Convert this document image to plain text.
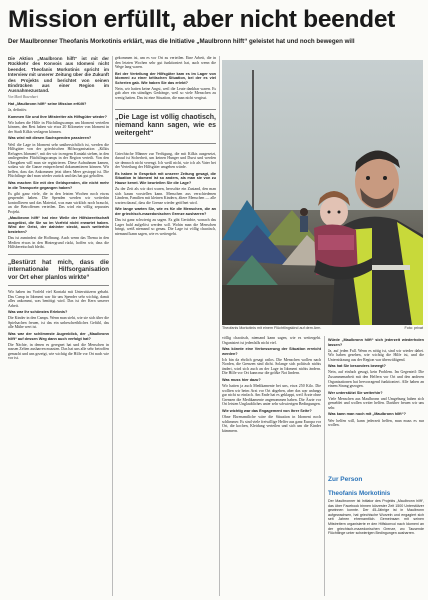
Mission erfüllt, aber nicht beendet
Der Maulbronner Theofanis Morkotinis erklärt, was die Initiative „Maulbronn hilft“ geleistet hat und noch bewegen will

Die Aktion „Maulbronn hilft“ ist mit der Rückkehr des Konvois aus Idomeni nicht beendet. Theofanis Morkotinis spricht im Interview mit unserer Zeitung über die Zukunft des Projekts und berichtet von seinen Eindrücken aus einer Region im Ausnahmezustand.

Von Mark Busenhart

Hat „Maulbronn hilft“ seine Mission erfüllt?

Ja, definitiv.

Kommen Sie und Ihre Mitstreiter als Hilfsgüter wieder?

Wir haben die Hilfe in Flüchtlingscamps am Idomeni verteilen können, den Rest haben wir etwa 20 Kilometer von Idomeni in der Stadt Kilkis verlagern können.

Was wird mit diesen Sachspenden passieren?

Weil die Lage in Idomeni sehr unübersichtlich ist, werden die Hilfsgüter von der griechischen Hilfsorganisation „Kilkis Refugees Idomeni“, mit der wir in engem Kontakt stehen, in den umliegenden Flüchtlingscamps in der Region verteilt. Von den Übergaben will man sie registrieren. Diese Aufnahmen kamen, sodass wir die Ganze entsprechend dokumentieren können. Wir helfen, dass das Ankommen jetzt übers Meer gestoppt ist. Die Flüchtlinge darf man wieder zurück und das hat gut geholfen.

Was machen Sie mit den Geldspenden, die nicht mehr in die Transporte gegangen haben?

Es gibt ganz viele, die in den letzten Wochen noch etwas gespendet haben. Die Spenden werden wir weiterhin kontrollieren und das Material, was man wirklich noch braucht, an die Betroffenen verteilen. Das wird ein völlig separates Projekt.

„Maulbronn hilft“ hat eine Welle der Hilfsbereitschaft ausgelöst, die Sie so im Vorfeld nicht erwartet haben. Wird der Geist, der dahinter steckt, auch weiterhin bestehen?

Das ist zumindest die Hoffnung. Auch wenn das Thema in den Medien etwas in den Hintergrund rückt, hoffen wir, dass die Hilfsbereitschaft bleibt.

„Bestürzt hat mich, dass die internationale Hilfsorganisation vor Ort eher planlos wirkte“

Wir haben im Vorfeld viel Kontakt mit Unterstützern gehabt. Das Camp in Idomeni war für uns Spender sehr wichtig, damit alles ankommt, was benötigt wird. Das ist der Kern unserer Arbeit.

Was war Ihr schönstes Erlebnis?

Die Kinder in den Camps. Wenn man sieht, wie sie sich über die Spielsachen freuen, ist das ein unbeschreibliches Gefühl, das alle Mühe wert ist.

Was war der schlimmste Augenblick, der „Maulbronn hilft“ auf dessen Weg dann auch verfolgt hat?

Die Nächte, in denen es geregnet hat und die Menschen in nassen Zelten ausharren mussten. Das hat uns alle sehr betroffen gemacht und uns gezeigt, wie wichtig die Hilfe vor Ort nach wie vor ist.

gekommen ist, um es vor Ort zu verteilen. Eine Arbeit, die in den letzten Wochen sehr gut funktioniert hat, auch wenn die Wege lang waren.

Bei der Verteilung der Hilfsgüter kam es im Lager von Idomeni zu einer kritischen Situation, bei der es viel Schreien gab. Wie haben Sie das erlebt?

Nein, wir hatten keine Angst, weil die Leute dankbar waren. Es gab aber ein ständiges Gedränge, weil so viele Menschen zu wenig hatten. Das ist eine Situation, die man nicht vergisst.

„Die Lage ist völlig chaotisch, niemand kann sagen, wie es weitergeht“

Griechische Männer zur Verfügung, die mit Kilkis ausgesetzt, darauf ist Sicherheit, um keinen Hunger und Durst und werden sie dennoch nicht verengt. Ich weiß nicht, wie ich als Vater bei der Verteilung der Hilfsgüter umgehen würde.

Es haben in Gespräch mit unserer Zeitung gesagt, die Situation in Idomeni ist so anders, als man sie von zu Hause kennt. Wie beurteilen Sie die Lage?

Zu der Zeit als wir dort waren, herrschte ein Zustand, den man sich kaum vorstellen kann. Menschen aus verschiedenen Ländern, Familien mit kleinen Kindern, ältere Menschen — alle warten darauf, dass die Grenze wieder geöffnet wird.

Wie lange warten Sie, wie es für die Menschen, die an der griechisch-mazedonischen Grenze ausharren?

Das ist ganz schwierig zu sagen. Es gibt Gerüchte, wonach das Lager bald aufgelöst werden soll. Wohin man die Menschen bringt, weiß niemand so genau. Die Lage ist völlig chaotisch, niemand kann sagen, wie es weitergeht.

Theofanis Morkotinis mit einem Flüchtlingskind auf dem Arm.	Foto: privat

völlig chaotisch, niemand kann sagen, wie es weitergeht. Organisiert ist jedenfalls nicht viel.

Was könnte eine Verbesserung der Situation erreicht werden?

Ich bin da ehrlich gesagt ratlos. Die Menschen wollen nach Norden, die Grenzen sind dicht. Solange sich politisch nichts ändert, wird sich auch an der Lage in Idomeni nichts ändern. Die Hilfe vor Ort kann nur die größte Not lindern.

Was muss hier dazu?

Wir hatten ja auch Medikamente bei uns, etwa 250 Kilo. Die wollten wir beim Arzt vor Ort abgeben, aber das war anfangs gar nicht so einfach. Am Ende hat es geklappt, weil Ärzte ohne Grenzen die Medikamente angenommen haben. Die Ärzte vor Ort leisten Unglaubliches unter sehr schwierigen Bedingungen.

Wie wichtig war das Engagement von Ihrer Seite?

Ohne Ehrenamtliche wäre die Situation in Idomeni noch schlimmer. Es sind viele freiwillige Helfer aus ganz Europa vor Ort, die kochen, Kleidung verteilen und sich um die Kinder kümmern.

Würde „Maulbronn hilft“ sich jederzeit wiederholen lassen?

Ja, auf jeden Fall. Wenn es nötig ist, sind wir wieder dabei. Wir haben gesehen, wie wichtig die Hilfe ist, und die Unterstützung aus der Region war überwältigend.

Was hat Sie besonders bewegt?

Nein, auf einfach gesagt, kein Problem. Im Gegenteil: Die Zusammenarbeit mit den Helfern vor Ort und den anderen Organisationen hat hervorragend funktioniert. Alle haben an einem Strang gezogen.

Wer unterstützt Sie weiterhin?

Viele Menschen aus Maulbronn und Umgebung haben sich gemeldet und wollen weiter helfen. Darüber freuen wir uns sehr.

Was kann man noch mit „Maulbronn hilft“?

Wer helfen will, kann jederzeit helfen, man muss es nur wollen.

Zur Person
Theofanis Morkotinis
Der Maulbronner ist Initiator des Projekts „Maulbronn hilft“, das über Facebook binnen kürzester Zeit 1500 Unterstützer gewinnen konnte. Der 45-Jährige ist in Maulbronn aufgewachsen, hat griechische Wurzeln und engagiert sich seit Jahren ehrenamtlich. Gemeinsam mit seinen Mitstreitern organisierte er den Hilfskonvoi nach Idomeni an der griechisch-mazedonischen Grenze, wo Tausende Flüchtlinge unter schwierigen Bedingungen ausharren.
